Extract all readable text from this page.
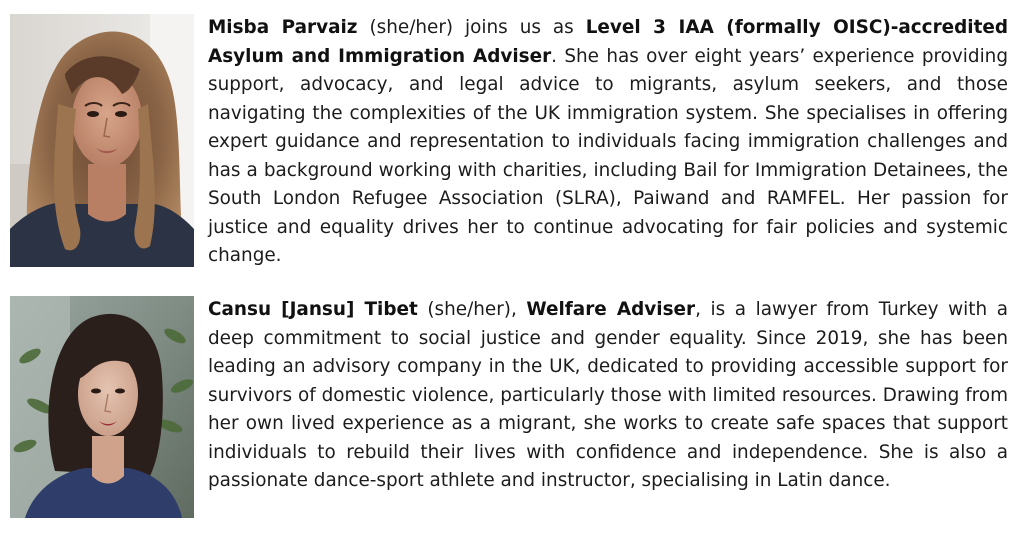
Misba Parvaiz (she/her) joins us as Level 3 IAA (formally OISC)-accredited Asylum and Immigration Adviser. She has over eight years’ experience providing support, advocacy, and legal advice to migrants, asylum seekers, and those navigating the complexities of the UK immigration system. She specialises in offering expert guidance and representation to individuals facing immigration challenges and has a background working with charities, including Bail for Immigration Detainees, the South London Refugee Association (SLRA), Paiwand and RAMFEL. Her passion for justice and equality drives her to continue advocating for fair policies and systemic change.

Cansu [Jansu] Tibet (she/her), Welfare Adviser, is a lawyer from Turkey with a deep commitment to social justice and gender equality. Since 2019, she has been leading an advisory company in the UK, dedicated to providing accessible support for survivors of domestic violence, particularly those with limited resources. Drawing from her own lived experience as a migrant, she works to create safe spaces that support individuals to rebuild their lives with confidence and independence. She is also a passionate dance-sport athlete and instructor, specialising in Latin dance.
